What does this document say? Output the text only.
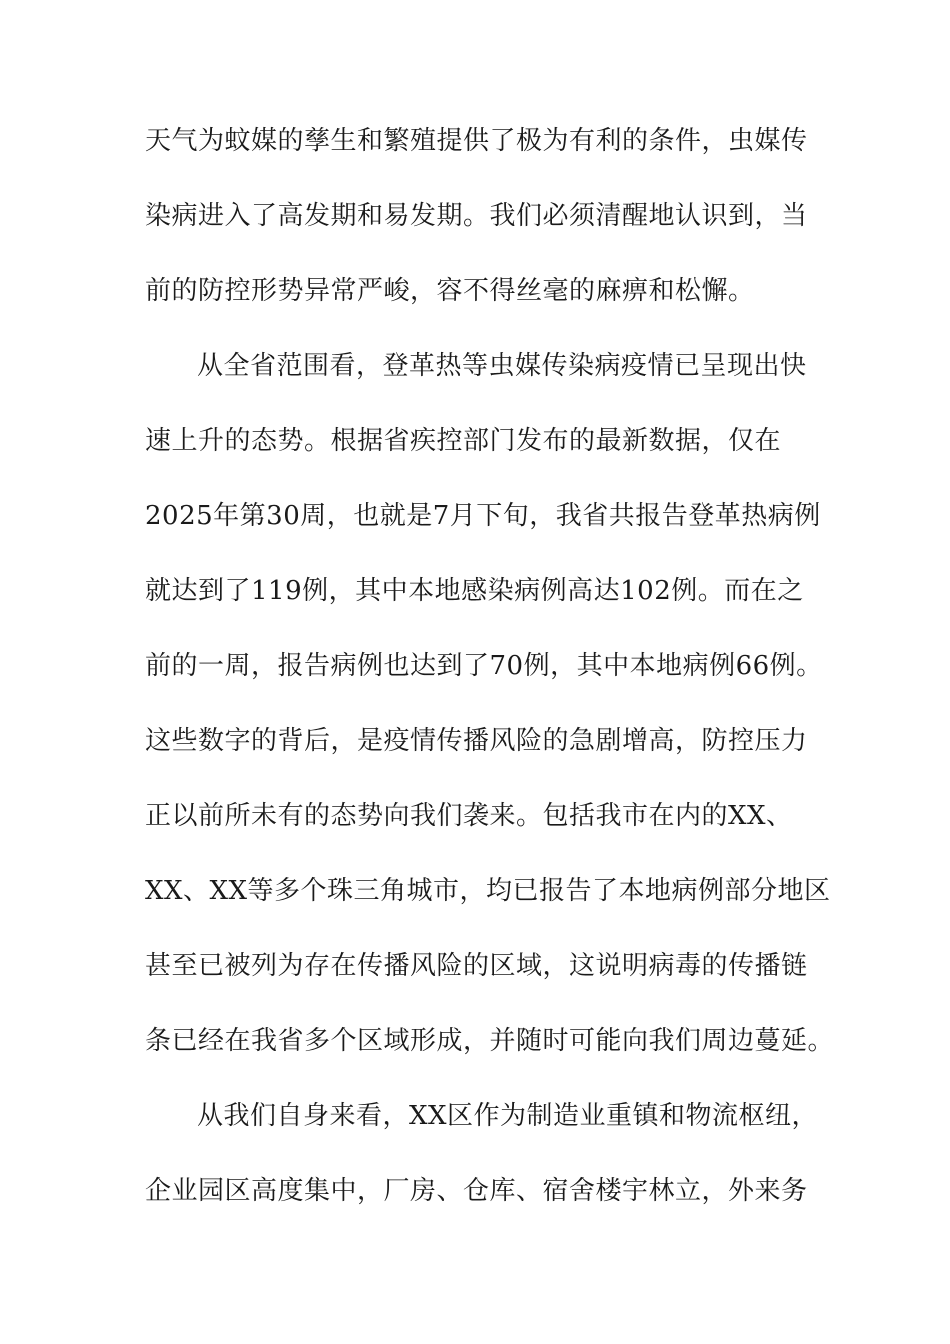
天气为蚊媒的孳生和繁殖提供了极为有利的条件，虫媒传
染病进入了高发期和易发期。我们必须清醒地认识到，当
前的防控形势异常严峻，容不得丝毫的麻痹和松懈。
从全省范围看，登革热等虫媒传染病疫情已呈现出快
速上升的态势。根据省疾控部门发布的最新数据，仅在
2025年第30周，也就是7月下旬，我省共报告登革热病例
就达到了119例，其中本地感染病例高达102例。而在之
前的一周，报告病例也达到了70例，其中本地病例66例。
这些数字的背后，是疫情传播风险的急剧增高，防控压力
正以前所未有的态势向我们袭来。包括我市在内的XX、
XX、XX等多个珠三角城市，均已报告了本地病例部分地区
甚至已被列为存在传播风险的区域，这说明病毒的传播链
条已经在我省多个区域形成，并随时可能向我们周边蔓延。
从我们自身来看，XX区作为制造业重镇和物流枢纽，
企业园区高度集中，厂房、仓库、宿舍楼宇林立，外来务
